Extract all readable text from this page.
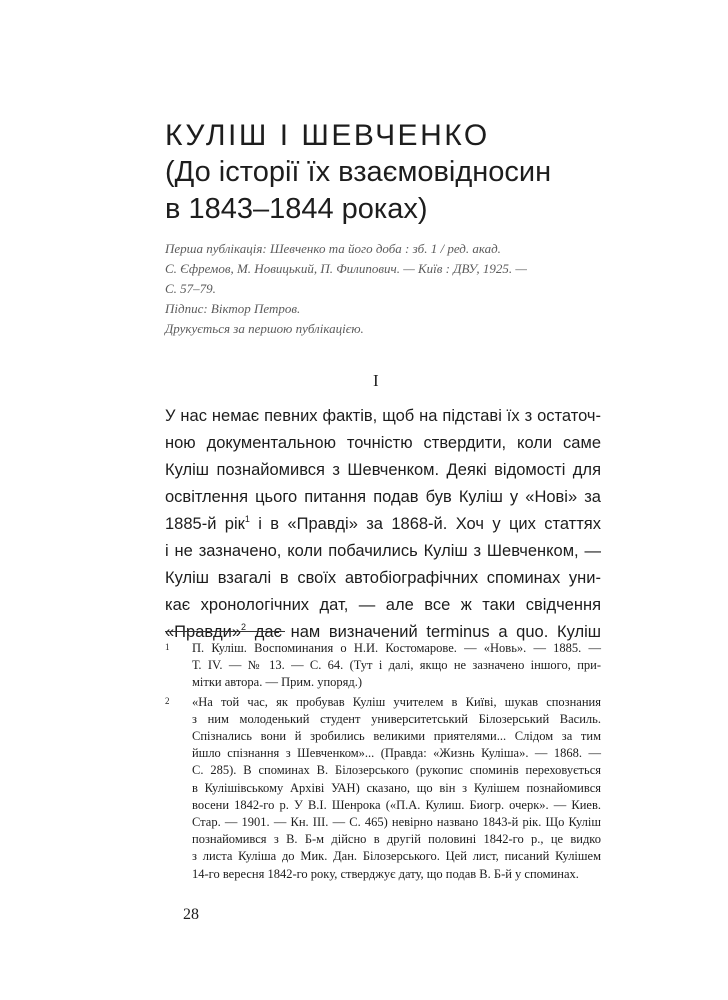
КУЛІШ І ШЕВЧЕНКО
(До історії їх взаємовідносин
в 1843–1844 роках)
Перша публікація: Шевченко та його доба : зб. 1 / ред. акад.
С. Єфремов, М. Новицький, П. Филипович. — Київ : ДВУ, 1925. —
С. 57–79.
Підпис: Віктор Петров.
Друкується за першою публікацією.
I
У нас немає певних фактів, щоб на підставі їх з остаточ-
ною документальною точністю ствердити, коли саме
Куліш познайомився з Шевченком. Деякі відомості для
освітлення цього питання подав був Куліш у «Нові» за
1885-й рік$^1$ і в «Правді» за 1868-й. Хоч у цих статтях
і не зазначено, коли побачились Куліш з Шевченком, —
Куліш взагалі в своїх автобіографічних споминах уни-
кає хронологічних дат, — але все ж таки свідчення
«Правди»$^2$ дає нам визначений terminus a quo. Куліш
1 П. Куліш. Воспоминания о Н.И. Костомарове. — «Новь». — 1885. —
Т. IV. — № 13. — С. 64. (Тут і далі, якщо не зазначено іншого, при-
мітки автора. — Прим. упоряд.)
2 «На той час, як пробував Куліш учителем в Київі, шукав спознания
з ним молоденький студент университетський Білозерський Василь.
Спізнались вони й зробились великими приятелями... Слідом за тим
йшло спізнання з Шевченком»... (Правда: «Жизнь Куліша». — 1868. —
С. 285). В споминах В. Білозерського (рукопис споминів переховується
в Кулішівському Архіві УАН) сказано, що він з Кулішем познайомився
восени 1842-го р. У В.І. Шенрока («П.А. Кулиш. Биогр. очерк». — Киев.
Стар. — 1901. — Кн. III. — С. 465) невірно названо 1843-й рік. Що Куліш
познайомився з В. Б-м дійсно в другій половині 1842-го р., це видко
з листа Куліша до Мик. Дан. Білозерського. Цей лист, писаний Кулішем
14-го вересня 1842-го року, стверджує дату, що подав В. Б-й у споминах.
28
